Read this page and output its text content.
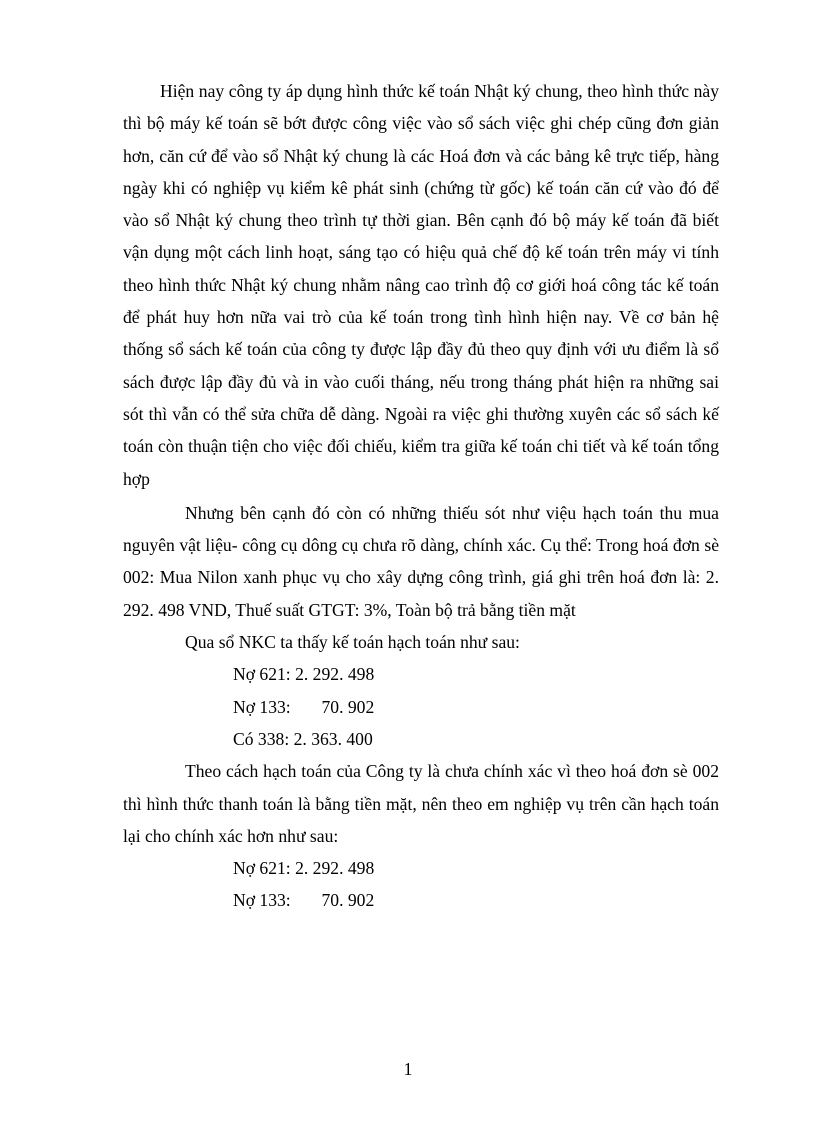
Hiện nay công ty áp dụng hình thức kế toán Nhật ký chung, theo hình thức này thì bộ máy kế toán sẽ bớt được công việc vào sổ sách việc ghi chép cũng đơn giản hơn, căn cứ để vào sổ Nhật ký chung là các Hoá đơn và các bảng kê trực tiếp, hàng ngày khi có nghiệp vụ kiểm kê phát sinh (chứng từ gốc) kế toán căn cứ vào đó để vào sổ Nhật ký chung theo trình tự thời gian. Bên cạnh đó bộ máy kế toán đã biết vận dụng một cách linh hoạt, sáng tạo có hiệu quả chế độ kế toán trên máy vi tính theo hình thức Nhật ký chung nhằm nâng cao trình độ cơ giới hoá công tác kế toán để phát huy hơn nữa vai trò của kế toán trong tình hình hiện nay. Về cơ bản hệ thống sổ sách kế toán của công ty được lập đầy đủ theo quy định với ưu điểm là sổ sách được lập đầy đủ và in vào cuối tháng, nếu trong tháng phát hiện ra những sai sót thì vẫn có thể sửa chữa dễ dàng. Ngoài ra việc ghi thường xuyên các sổ sách kế toán còn thuận tiện cho việc đối chiếu, kiểm tra giữa kế toán chi tiết và kế toán tổng hợp

Nhưng bên cạnh đó còn có những thiếu sót như việu hạch toán thu mua nguyên vật liệu- công cụ dông cụ chưa rõ dàng, chính xác. Cụ thể: Trong hoá đơn sè 002: Mua Nilon xanh phục vụ cho xây dựng công trình, giá ghi trên hoá đơn là: 2. 292. 498 VND, Thuế suất GTGT: 3%, Toàn bộ trả bằng tiền mặt

Qua sổ NKC ta thấy kế toán hạch toán như sau:

Nợ 621: 2. 292. 498

Nợ 133:       70. 902

Có 338: 2. 363. 400

Theo cách hạch toán của Công ty là chưa chính xác vì theo hoá đơn sè 002 thì hình thức thanh toán là bằng tiền mặt, nên theo em nghiệp vụ trên cần hạch toán lại cho chính xác hơn như sau:

Nợ 621: 2. 292. 498

Nợ 133:       70. 902

1
